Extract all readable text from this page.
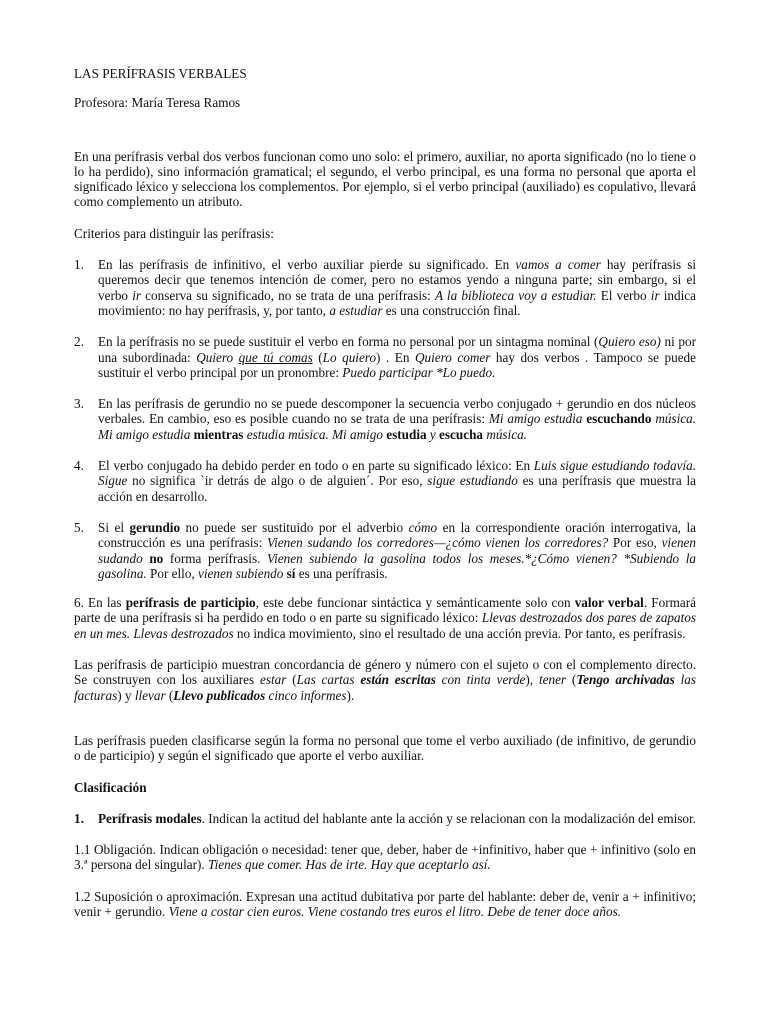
LAS PERÍFRASIS VERBALES

Profesora: María Teresa Ramos

En una perífrasis verbal dos verbos funcionan como uno solo: el primero, auxiliar, no aporta significado (no lo tiene o lo ha perdido), sino información gramatical; el segundo, el verbo principal, es una forma no personal que aporta el significado léxico y selecciona los complementos. Por ejemplo, si el verbo principal (auxiliado) es copulativo, llevará como complemento un atributo.

Criterios para distinguir las perífrasis:

1. En las perífrasis de infinitivo, el verbo auxiliar pierde su significado. En vamos a comer hay perífrasis si queremos decir que tenemos intención de comer, pero no estamos yendo a ninguna parte; sin embargo, si el verbo ir conserva su significado, no se trata de una perífrasis: A la biblioteca voy a estudiar. El verbo ir indica movimiento: no hay perífrasis, y, por tanto, a estudiar es una construcción final.
2. En la perífrasis no se puede sustituir el verbo en forma no personal por un sintagma nominal (Quiero eso) ni por una subordinada: Quiero que tú comas (Lo quiero) . En Quiero comer hay dos verbos . Tampoco se puede sustituir el verbo principal por un pronombre: Puedo participar *Lo puedo.
3. En las perífrasis de gerundio no se puede descomponer la secuencia verbo conjugado + gerundio en dos núcleos verbales. En cambio, eso es posible cuando no se trata de una perífrasis: Mi amigo estudia escuchando música. Mi amigo estudia mientras estudia música. Mi amigo estudia y escucha música.
4. El verbo conjugado ha debido perder en todo o en parte su significado léxico: En Luis sigue estudiando todavía. Sigue no significa `ir detrás de algo o de alguien´. Por eso, sigue estudiando es una perífrasis que muestra la acción en desarrollo.
5. Si el gerundio no puede ser sustituido por el adverbio cómo en la correspondiente oración interrogativa, la construcción es una perífrasis: Vienen sudando los corredores—¿cómo vienen los corredores? Por eso, vienen sudando no forma perífrasis. Vienen subiendo la gasolina todos los meses.*¿Cómo vienen? *Subiendo la gasolina. Por ello, vienen subiendo sí es una perífrasis.

6. En las perífrasis de participio, este debe funcionar sintáctica y semánticamente solo con valor verbal. Formará parte de una perífrasis si ha perdido en todo o en parte su significado léxico: Llevas destrozados dos pares de zapatos en un mes. Llevas destrozados no indica movimiento, sino el resultado de una acción previa. Por tanto, es perífrasis.

Las perífrasis de participio muestran concordancia de género y número con el sujeto o con el complemento directo. Se construyen con los auxiliares estar (Las cartas están escritas con tinta verde), tener (Tengo archivadas las facturas) y llevar (Llevo publicados cinco informes).

Las perífrasis pueden clasificarse según la forma no personal que tome el verbo auxiliado (de infinitivo, de gerundio o de participio) y según el significado que aporte el verbo auxiliar.

Clasificación

1. Perífrasis modales. Indican la actitud del hablante ante la acción y se relacionan con la modalización del emisor.

1.1 Obligación. Indican obligación o necesidad: tener que, deber, haber de +infinitivo, haber que + infinitivo (solo en 3.ª persona del singular). Tienes que comer. Has de irte. Hay que aceptarlo así.

1.2 Suposición o aproximación. Expresan una actitud dubitativa por parte del hablante: deber de, venir a + infinitivo; venir + gerundio. Viene a costar cien euros. Viene costando tres euros el litro. Debe de tener doce años.
